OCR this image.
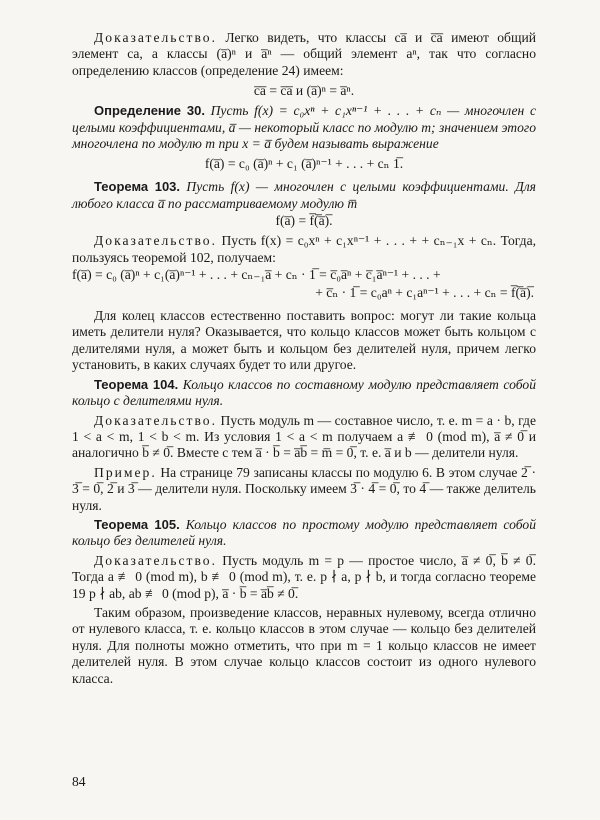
Доказательство. Легко видеть, что классы ca̅ и c̅a̅ имеют общий элемент ca, а классы (a̅)ⁿ и a̅ⁿ — общий элемент aⁿ, так что согласно определению классов (определение 24) имеем:

c̅a̅ = c̅a̅ и (a̅)ⁿ = a̅ⁿ.

Определение 30. Пусть f(x) = c₀xⁿ + c₁xⁿ⁻¹ + . . . + cₙ — многочлен с целыми коэффициентами, a̅ — некоторый класс по модулю m; значением этого многочлена по модулю m при x = a̅ будем называть выражение

f(a̅) = c₀ (a̅)ⁿ + c₁ (a̅)ⁿ⁻¹ + . . . + cₙ 1̅.

Теорема 103. Пусть f(x) — многочлен с целыми коэффициентами. Для любого класса a̅ по рассматриваемому модулю m̅

f(a̅) = f̅(̅a̅)̅.

Доказательство. Пусть f(x) = c₀xⁿ + c₁xⁿ⁻¹ + . . . + + cₙ₋₁x + cₙ. Тогда, пользуясь теоремой 102, получаем:

f(a̅) = c₀ (a̅)ⁿ + c₁(a̅)ⁿ⁻¹ + . . . + cₙ₋₁a̅ + cₙ · 1̅ = c̅₀a̅ⁿ + c̅₁a̅ⁿ⁻¹ + . . . +
+ c̅ₙ · 1̅ = c₀aⁿ + c₁aⁿ⁻¹ + . . . + cₙ = f̅(̅a̅)̅.

Для колец классов естественно поставить вопрос: могут ли такие кольца иметь делители нуля? Оказывается, что кольцо классов может быть кольцом с делителями нуля, а может быть и кольцом без делителей нуля, причем легко установить, в каких случаях будет то или другое.

Теорема 104. Кольцо классов по составному модулю представляет собой кольцо с делителями нуля.

Доказательство. Пусть модуль m — составное число, т. е. m = a · b, где 1 < a < m, 1 < b < m. Из условия 1 < a < m получаем a ≢ 0 (mod m), a̅ ≠ 0̅ и аналогично b̅ ≠ 0̅. Вместе с тем a̅ · b̅ = a̅b̅ = m̅ = 0̅, т. е. a̅ и b — делители нуля.

Пример. На странице 79 записаны классы по модулю 6. В этом случае 2̅ · 3̅ = 0̅, 2̅ и 3̅ — делители нуля. Поскольку имеем 3̅ · 4̅ = 0̅, то 4̅ — также делитель нуля.

Теорема 105. Кольцо классов по простому модулю представляет собой кольцо без делителей нуля.

Доказательство. Пусть модуль m = p — простое число, a̅ ≠ 0̅, b̅ ≠ 0̅. Тогда a ≢ 0 (mod m), b ≢ 0 (mod m), т. е. p ∤ a, p ∤ b, и тогда согласно теореме 19 p ∤ ab, ab ≢ 0 (mod p), a̅ · b̅ = a̅b̅ ≠ 0̅.

Таким образом, произведение классов, неравных нулевому, всегда отлично от нулевого класса, т. е. кольцо классов в этом случае — кольцо без делителей нуля. Для полноты можно отметить, что при m = 1 кольцо классов не имеет делителей нуля. В этом случае кольцо классов состоит из одного нулевого класса.

84
